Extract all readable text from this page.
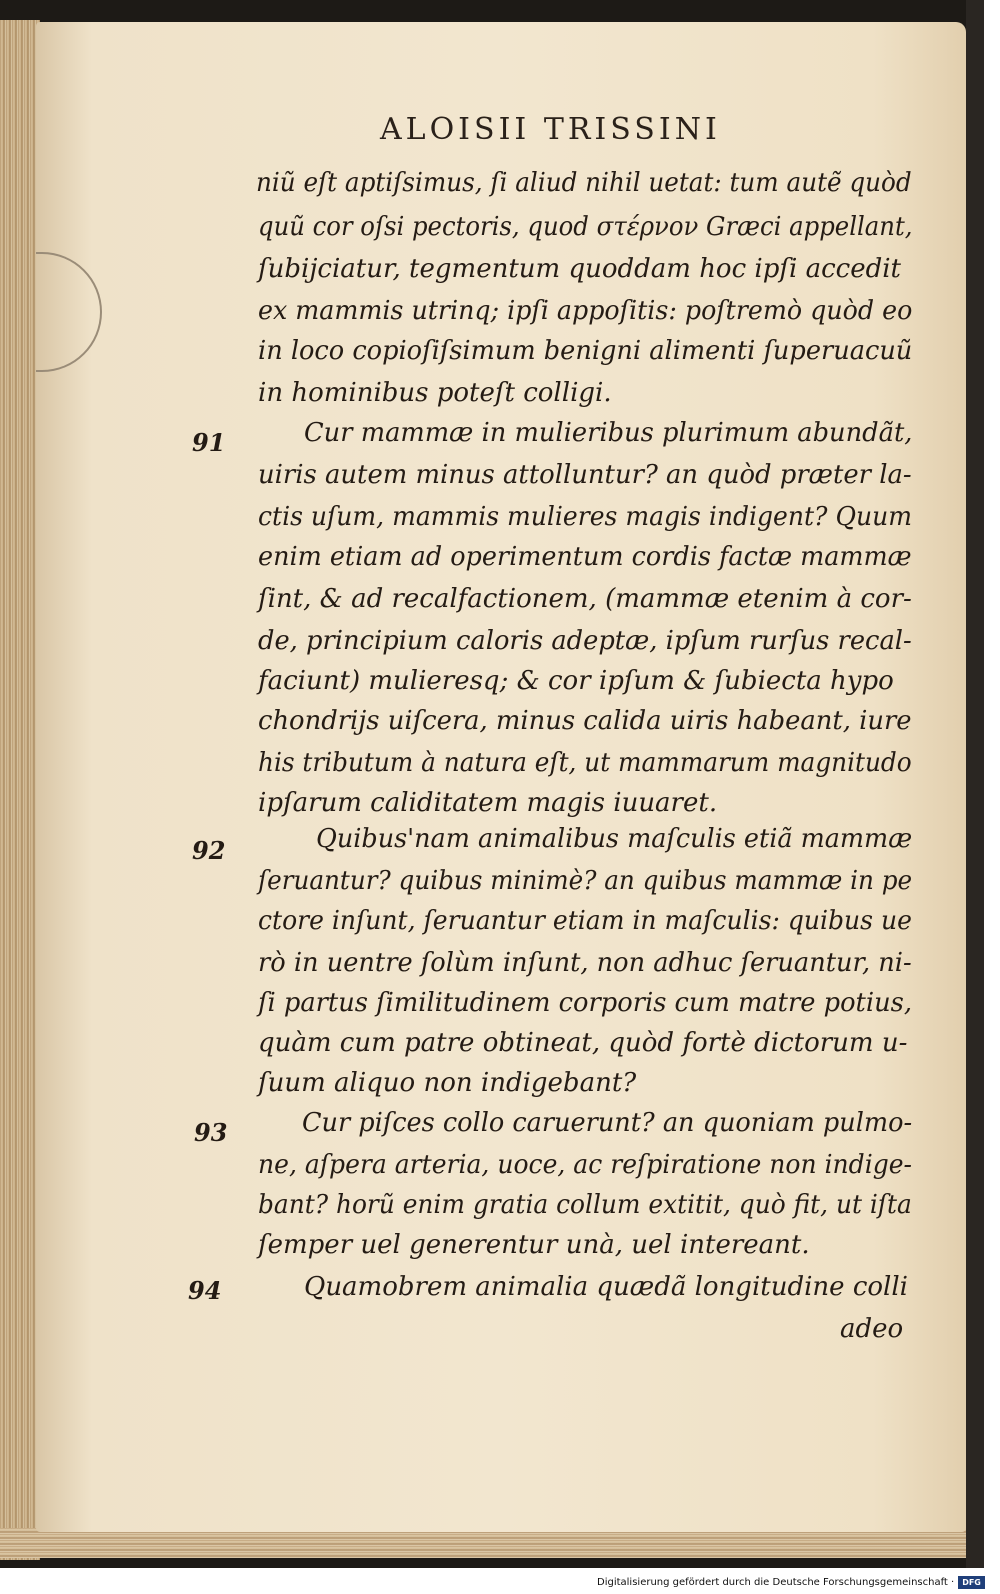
ALOISII TRISSINI
niũ eſt aptiſsimus, ſi aliud nihil uetat: tum autẽ quòd
quũ cor oſsi pectoris, quod στέρνον Græci appellant,
ſubijciatur, tegmentum quoddam hoc ipſi accedit
ex mammis utrinq; ipſi appoſitis: poſtremò quòd eo
in loco copioſiſsimum benigni alimenti ſuperuacuũ
in hominibus poteſt colligi.
91	Cur mammæ in mulieribus plurimum abundãt,
uiris autem minus attolluntur? an quòd præter la-
ctis uſum, mammis mulieres magis indigent? Quum
enim etiam ad operimentum cordis factæ mammæ
ſint, & ad recalfactionem, (mammæ etenim à cor-
de, principium caloris adeptæ, ipſum rurſus recal-
faciunt) mulieresq; & cor ipſum & ſubiecta hypo
chondrijs uiſcera, minus calida uiris habeant, iure
his tributum à natura eſt, ut mammarum magnitudo
ipſarum caliditatem magis iuuaret.
92	Quibus'nam animalibus maſculis etiã mammæ
ſeruantur? quibus minimè? an quibus mammæ in pe
ctore inſunt, ſeruantur etiam in maſculis: quibus ue
rò in uentre ſolùm inſunt, non adhuc ſeruantur, ni-
ſi partus ſimilitudinem corporis cum matre potius,
quàm cum patre obtineat, quòd fortè dictorum u-
ſuum aliquo non indigebant?
93	Cur piſces collo caruerunt? an quoniam pulmo-
ne, aſpera arteria, uoce, ac reſpiratione non indige-
bant? horũ enim gratia collum extitit, quò fit, ut iſta
ſemper uel generentur unà, uel intereant.
94	Quamobrem animalia quædã longitudine colli
adeo
Digitalisierung gefördert durch die Deutsche Forschungsgemeinschaft ·	DFG
